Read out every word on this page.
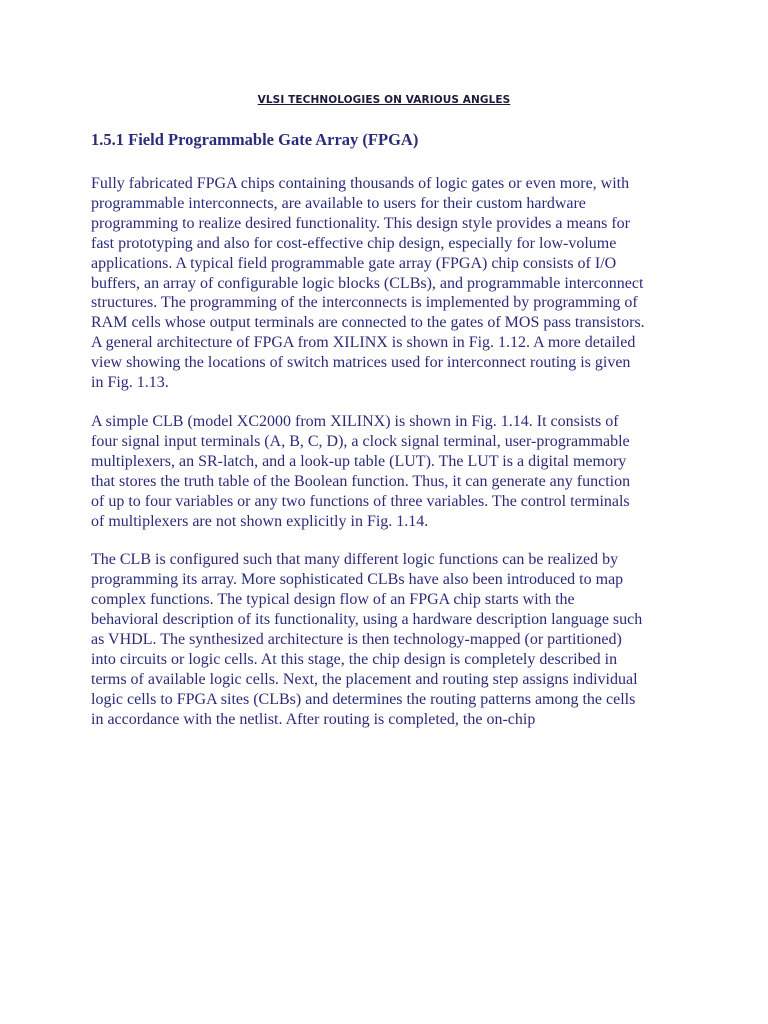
VLSI TECHNOLOGIES ON VARIOUS ANGLES
1.5.1 Field Programmable Gate Array (FPGA)
Fully fabricated FPGA chips containing thousands of logic gates or even more, with
programmable interconnects, are available to users for their custom hardware
programming to realize desired functionality. This design style provides a means for
fast prototyping and also for cost-effective chip design, especially for low-volume
applications. A typical field programmable gate array (FPGA) chip consists of I/O
buffers, an array of configurable logic blocks (CLBs), and programmable interconnect
structures. The programming of the interconnects is implemented by programming of
RAM cells whose output terminals are connected to the gates of MOS pass transistors.
A general architecture of FPGA from XILINX is shown in Fig. 1.12. A more detailed
view showing the locations of switch matrices used for interconnect routing is given
in Fig. 1.13.
A simple CLB (model XC2000 from XILINX) is shown in Fig. 1.14. It consists of
four signal input terminals (A, B, C, D), a clock signal terminal, user-programmable
multiplexers, an SR-latch, and a look-up table (LUT). The LUT is a digital memory
that stores the truth table of the Boolean function. Thus, it can generate any function
of up to four variables or any two functions of three variables. The control terminals
of multiplexers are not shown explicitly in Fig. 1.14.
The CLB is configured such that many different logic functions can be realized by
programming its array. More sophisticated CLBs have also been introduced to map
complex functions. The typical design flow of an FPGA chip starts with the
behavioral description of its functionality, using a hardware description language such
as VHDL. The synthesized architecture is then technology-mapped (or partitioned)
into circuits or logic cells. At this stage, the chip design is completely described in
terms of available logic cells. Next, the placement and routing step assigns individual
logic cells to FPGA sites (CLBs) and determines the routing patterns among the cells
in accordance with the netlist. After routing is completed, the on-chip
